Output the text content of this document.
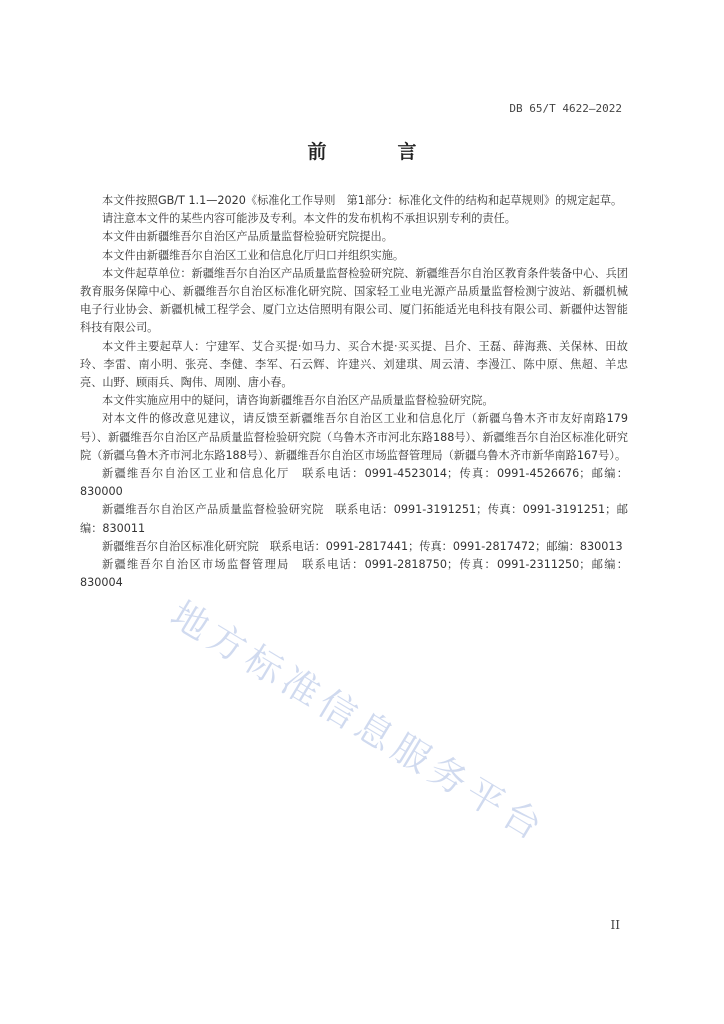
DB 65/T 4622—2022
前　言

本文件按照GB/T 1.1—2020《标准化工作导则　第1部分：标准化文件的结构和起草规则》的规定起草。

请注意本文件的某些内容可能涉及专利。本文件的发布机构不承担识别专利的责任。

本文件由新疆维吾尔自治区产品质量监督检验研究院提出。

本文件由新疆维吾尔自治区工业和信息化厅归口并组织实施。

本文件起草单位：新疆维吾尔自治区产品质量监督检验研究院、新疆维吾尔自治区教育条件装备中心、兵团教育服务保障中心、新疆维吾尔自治区标准化研究院、国家轻工业电光源产品质量监督检测宁波站、新疆机械电子行业协会、新疆机械工程学会、厦门立达信照明有限公司、厦门拓能适光电科技有限公司、新疆仲达智能科技有限公司。

本文件主要起草人：宁建军、艾合买提·如马力、买合木提·买买提、吕介、王磊、薛海燕、关保林、田故玲、李雷、南小明、张亮、李健、李军、石云辉、许建兴、刘建琪、周云清、李漫江、陈中原、焦超、羊忠亮、山野、顾雨兵、陶伟、周刚、唐小春。

本文件实施应用中的疑问，请咨询新疆维吾尔自治区产品质量监督检验研究院。

对本文件的修改意见建议，请反馈至新疆维吾尔自治区工业和信息化厅（新疆乌鲁木齐市友好南路179号）、新疆维吾尔自治区产品质量监督检验研究院（乌鲁木齐市河北东路188号）、新疆维吾尔自治区标准化研究院（新疆乌鲁木齐市河北东路188号）、新疆维吾尔自治区市场监督管理局（新疆乌鲁木齐市新华南路167号）。

新疆维吾尔自治区工业和信息化厅　联系电话：0991-4523014；传真：0991-4526676；邮编：830000

新疆维吾尔自治区产品质量监督检验研究院　联系电话：0991-3191251；传真：0991-3191251；邮编：830011

新疆维吾尔自治区标准化研究院　联系电话：0991-2817441；传真：0991-2817472；邮编：830013

新疆维吾尔自治区市场监督管理局　联系电话：0991-2818750；传真：0991-2311250；邮编：830004

地方标准信息服务平台
II
